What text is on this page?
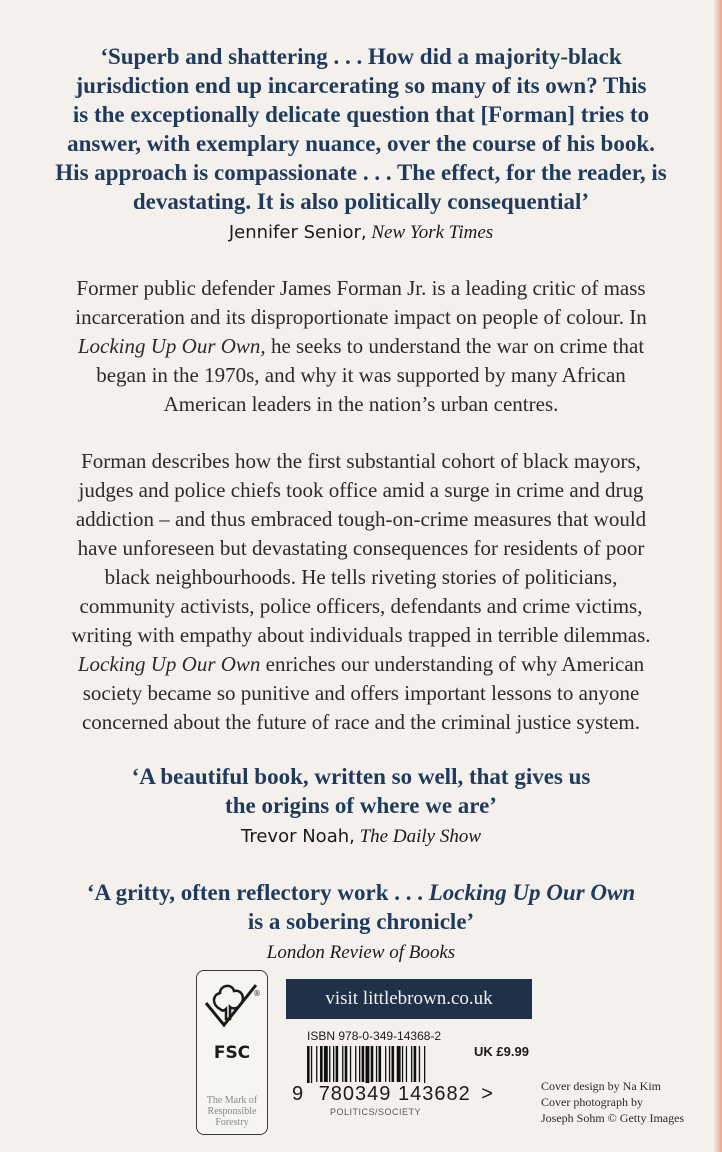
‘Superb and shattering . . . How did a majority-black

jurisdiction end up incarcerating so many of its own? This

is the exceptionally delicate question that [Forman] tries to

answer, with exemplary nuance, over the course of his book.

His approach is compassionate . . . The effect, for the reader, is

devastating. It is also politically consequential’

Jennifer Senior, New York Times

Former public defender James Forman Jr. is a leading critic of mass

incarceration and its disproportionate impact on people of colour. In

Locking Up Our Own, he seeks to understand the war on crime that

began in the 1970s, and why it was supported by many African

American leaders in the nation’s urban centres.

Forman describes how the first substantial cohort of black mayors,

judges and police chiefs took office amid a surge in crime and drug

addiction – and thus embraced tough-on-crime measures that would

have unforeseen but devastating consequences for residents of poor

black neighbourhoods. He tells riveting stories of politicians,

community activists, police officers, defendants and crime victims,

writing with empathy about individuals trapped in terrible dilemmas.

Locking Up Our Own enriches our understanding of why American

society became so punitive and offers important lessons to anyone

concerned about the future of race and the criminal justice system.

‘A beautiful book, written so well, that gives us

the origins of where we are’

Trevor Noah, The Daily Show

‘A gritty, often reflectory work . . . Locking Up Our Own

is a sobering chronicle’

London Review of Books
®
FSC
The Mark of
Responsible
Forestry
visit littlebrown.co.uk
ISBN 978-0-349-14368-2
UK £9.99
9 780349 143682 >
POLITICS/SOCIETY
Cover design by Na Kim
Cover photograph by
Joseph Sohm © Getty Images
